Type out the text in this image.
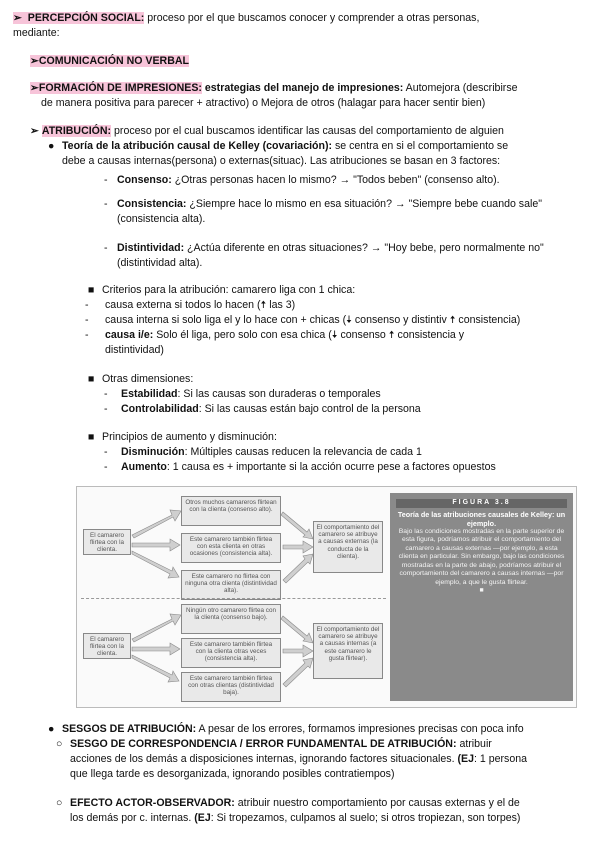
➢ PERCEPCIÓN SOCIAL: proceso por el que buscamos conocer y comprender a otras personas,
mediante:
➢COMUNICACIÓN NO VERBAL
➢FORMACIÓN DE IMPRESIONES: estrategias del manejo de impresiones: Automejora (describirse
de manera positiva para parecer + atractivo) o Mejora de otros (halagar para hacer sentir bien)
➢ ATRIBUCIÓN: proceso por el cual buscamos identificar las causas del comportamiento de alguien
● Teoría de la atribución causal de Kelley (covariación): se centra en si el comportamiento se
debe a causas internas(persona) o externas(situac). Las atribuciones se basan en 3 factores:
- Consenso: ¿Otras personas hacen lo mismo? → "Todos beben" (consenso alto).
- Consistencia: ¿Siempre hace lo mismo en esa situación? → "Siempre bebe cuando sale"
(consistencia alta).
- Distintividad: ¿Actúa diferente en otras situaciones? → "Hoy bebe, pero normalmente no"
(distintividad alta).
■ Criterios para la atribución: camarero liga con 1 chica:
- causa externa si todos lo hacen (🠅 las 3)
- causa interna si solo liga el y lo hace con + chicas (🠇 consenso y distintiv 🠅 consistencia)
- causa i/e: Solo él liga, pero solo con esa chica (🠇 consenso 🠅 consistencia y
distintividad)
■ Otras dimensiones:
- Estabilidad: Si las causas son duraderas o temporales
- Controlabilidad: Si las causas están bajo control de la persona
■ Principios de aumento y disminución:
- Disminución: Múltiples causas reducen la relevancia de cada 1
- Aumento: 1 causa es + importante si la acción ocurre pese a factores opuestos
El camarero flirtea con la clienta.
Otros muchos camareros flirtean con la clienta (consenso alto).
Este camarero también flirtea con esta clienta en otras ocasiones (consistencia alta).
Este camarero no flirtea con ninguna otra clienta (distintividad alta).
El comportamiento del camarero se atribuye a causas externas (la conducta de la clienta).
El camarero flirtea con la clienta.
Ningún otro camarero flirtea con la clienta (consenso bajo).
Este camarero también flirtea con la clienta otras veces (consistencia alta).
Este camarero también flirtea con otras clientas (distintividad baja).
El comportamiento del camarero se atribuye a causas internas (a este camarero le gusta flirtear).
FIGURA 3.8
Teoría de las atribuciones causales de Kelley: un ejemplo.
Bajo las condiciones mostradas en la parte superior de esta figura, podríamos atribuir el comportamiento del camarero a causas externas —por ejemplo, a esta clienta en particular. Sin embargo, bajo las condiciones mostradas en la parte de abajo, podríamos atribuir el comportamiento del camarero a causas internas —por ejemplo, a que le gusta flirtear.
■
● SESGOS DE ATRIBUCIÓN: A pesar de los errores, formamos impresiones precisas con poca info
○ SESGO DE CORRESPONDENCIA / ERROR FUNDAMENTAL DE ATRIBUCIÓN: atribuir
acciones de los demás a disposiciones internas, ignorando factores situacionales. (EJ: 1 persona
que llega tarde es desorganizada, ignorando posibles contratiempos)
○ EFECTO ACTOR-OBSERVADOR: atribuir nuestro comportamiento por causas externas y el de
los demás por c. internas. (EJ: Si tropezamos, culpamos al suelo; si otros tropiezan, son torpes)
